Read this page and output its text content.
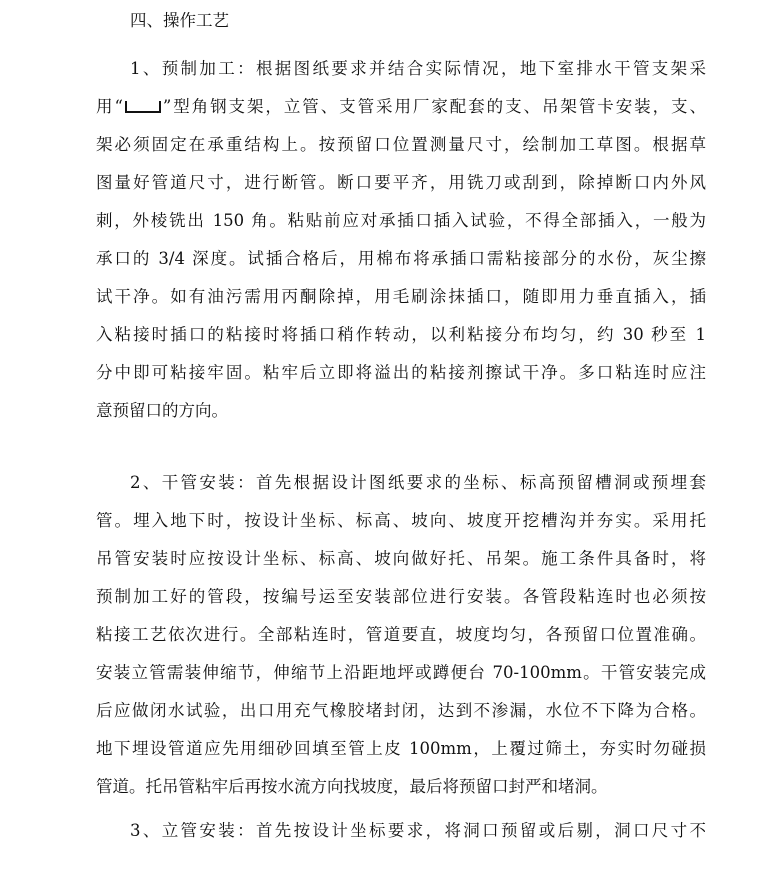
四、操作工艺
1、预制加工：根据图纸要求并结合实际情况，地下室排水干管支架采
用“ ”型角钢支架，立管、支管采用厂家配套的支、吊架管卡安装，支、
架必须固定在承重结构上。按预留口位置测量尺寸，绘制加工草图。根据草
图量好管道尺寸，进行断管。断口要平齐，用铣刀或刮到，除掉断口内外风
刺，外棱铣出 150 角。粘贴前应对承插口插入试验，不得全部插入，一般为
承口的 3/4 深度。试插合格后，用棉布将承插口需粘接部分的水份，灰尘擦
试干净。如有油污需用丙酮除掉，用毛刷涂抹插口，随即用力垂直插入，插
入粘接时插口的粘接时将插口稍作转动，以利粘接分布均匀，约 30 秒至 1
分中即可粘接牢固。粘牢后立即将溢出的粘接剂擦试干净。多口粘连时应注
意预留口的方向。
2、干管安装：首先根据设计图纸要求的坐标、标高预留槽洞或预埋套
管。埋入地下时，按设计坐标、标高、坡向、坡度开挖槽沟并夯实。采用托
吊管安装时应按设计坐标、标高、坡向做好托、吊架。施工条件具备时，将
预制加工好的管段，按编号运至安装部位进行安装。各管段粘连时也必须按
粘接工艺依次进行。全部粘连时，管道要直，坡度均匀，各预留口位置准确。
安装立管需装伸缩节，伸缩节上沿距地坪或蹲便台 70-100mm。干管安装完成
后应做闭水试验，出口用充气橡胶堵封闭，达到不渗漏，水位不下降为合格。
地下埋设管道应先用细砂回填至管上皮 100mm，上覆过筛土，夯实时勿碰损
管道。托吊管粘牢后再按水流方向找坡度，最后将预留口封严和堵洞。
3、立管安装：首先按设计坐标要求，将洞口预留或后剔，洞口尺寸不
